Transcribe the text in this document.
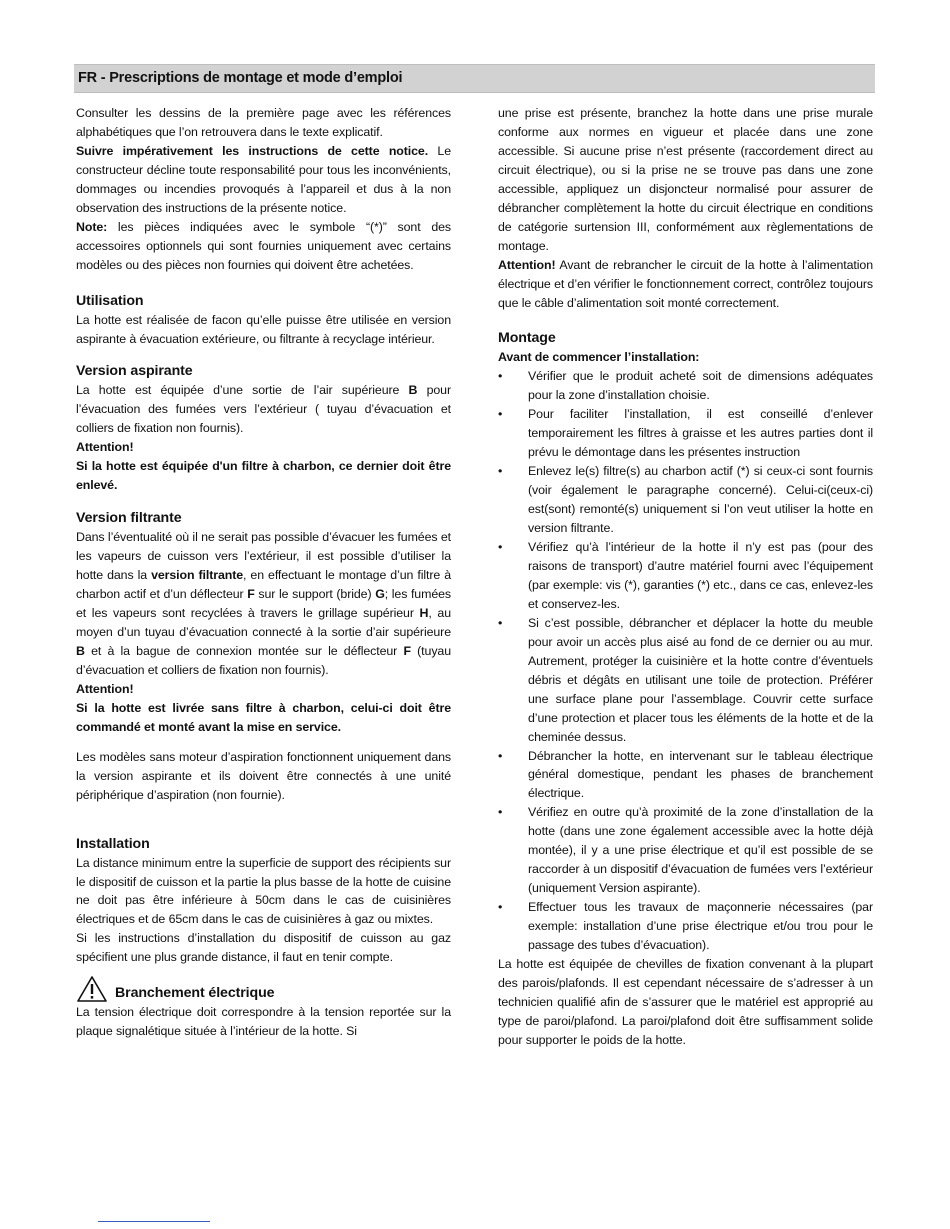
FR - Prescriptions de montage et mode d’emploi

Consulter les dessins de la première page avec les références alphabétiques que l’on retrouvera dans le texte explicatif.

Suivre impérativement les instructions de cette notice. Le constructeur décline toute responsabilité pour tous les inconvénients, dommages ou incendies provoqués à l’appareil et dus à la non observation des instructions de la présente notice.

Note: les pièces indiquées avec le symbole “(*)” sont des accessoires optionnels qui sont fournies uniquement avec certains modèles ou des pièces non fournies qui doivent être achetées.

Utilisation

La hotte est réalisée de facon qu’elle puisse être utilisée en version aspirante à évacuation extérieure, ou filtrante à recyclage intérieur.

Version aspirante

La hotte est équipée d’une sortie de l’air supérieure B pour l’évacuation des fumées vers l’extérieur ( tuyau d’évacuation et colliers de fixation non fournis).

Attention!

Si la hotte est équipée d'un filtre à charbon, ce dernier doit être enlevé.

Version filtrante

Dans l’éventualité où il ne serait pas possible d’évacuer les fumées et les vapeurs de cuisson vers l’extérieur, il est possible d’utiliser la hotte dans la version filtrante, en effectuant le montage d’un filtre à charbon actif et d’un déflecteur F sur le support (bride) G; les fumées et les vapeurs sont recyclées à travers le grillage supérieur H, au moyen d’un tuyau d’évacuation connecté à la sortie d’air supérieure B et à la bague de connexion montée sur le déflecteur F (tuyau d’évacuation et colliers de fixation non fournis).

Attention!

Si la hotte est livrée sans filtre à charbon, celui-ci doit être commandé et monté avant la mise en service.

Les modèles sans moteur d’aspiration fonctionnent uniquement dans la version aspirante et ils doivent être connectés à une unité périphérique d’aspiration (non fournie).

Installation

La distance minimum entre la superficie de support des récipients sur le dispositif de cuisson et la partie la plus basse de la hotte de cuisine ne doit pas être inférieure à 50cm dans le cas de cuisinières électriques et de 65cm dans le cas de cuisinières à gaz ou mixtes.

Si les instructions d’installation du dispositif de cuisson au gaz spécifient une plus grande distance, il faut en tenir compte.

Branchement électrique

La tension électrique doit correspondre à la tension reportée sur la plaque signalétique située à l’intérieur de la hotte. Si

une prise est présente, branchez la hotte dans une prise murale conforme aux normes en vigueur et placée dans une zone accessible. Si aucune prise n’est présente (raccordement direct au circuit électrique), ou si la prise ne se trouve pas dans une zone accessible, appliquez un disjoncteur normalisé pour assurer de débrancher complètement la hotte du circuit électrique en conditions de catégorie surtension III, conformément aux règlementations de montage.

Attention! Avant de rebrancher le circuit de la hotte à l’alimentation électrique et d’en vérifier le fonctionnement correct, contrôlez toujours que le câble d’alimentation soit monté correctement.

Montage

Avant de commencer l’installation:

• Vérifier que le produit acheté soit de dimensions adéquates pour la zone d’installation choisie.
• Pour faciliter l’installation, il est conseillé d’enlever temporairement les filtres à graisse et les autres parties dont il prévu le démontage dans les présentes instruction
• Enlevez le(s) filtre(s) au charbon actif (*) si ceux-ci sont fournis (voir également le paragraphe concerné). Celui-ci(ceux-ci) est(sont) remonté(s) uniquement si l’on veut utiliser la hotte en version filtrante.
• Vérifiez qu’à l’intérieur de la hotte il n’y est pas (pour des raisons de transport) d’autre matériel fourni avec l’équipement (par exemple: vis (*), garanties (*) etc., dans ce cas, enlevez-les et conservez-les.
• Si c’est possible, débrancher et déplacer la hotte du meuble pour avoir un accès plus aisé au fond de ce dernier ou au mur. Autrement, protéger la cuisinière et la hotte contre d’éventuels débris et dégâts en utilisant une toile de protection. Préférer une surface plane pour l’assemblage. Couvrir cette surface d’une protection et placer tous les éléments de la hotte et de la cheminée dessus.
• Débrancher la hotte, en intervenant sur le tableau électrique général domestique, pendant les phases de branchement électrique.
• Vérifiez en outre qu’à proximité de la zone d’installation de la hotte (dans une zone également accessible avec la hotte déjà montée), il y a une prise électrique et qu’il est possible de se raccorder à un dispositif d’évacuation de fumées vers l’extérieur (uniquement Version aspirante).
• Effectuer tous les travaux de maçonnerie nécessaires (par exemple: installation d’une prise électrique et/ou trou pour le passage des tubes d’évacuation).

La hotte est équipée de chevilles de fixation convenant à la plupart des parois/plafonds. Il est cependant nécessaire de s’adresser à un technicien qualifié afin de s’assurer que le matériel est approprié au type de paroi/plafond. La paroi/plafond doit être suffisamment solide pour supporter le poids de la hotte.
